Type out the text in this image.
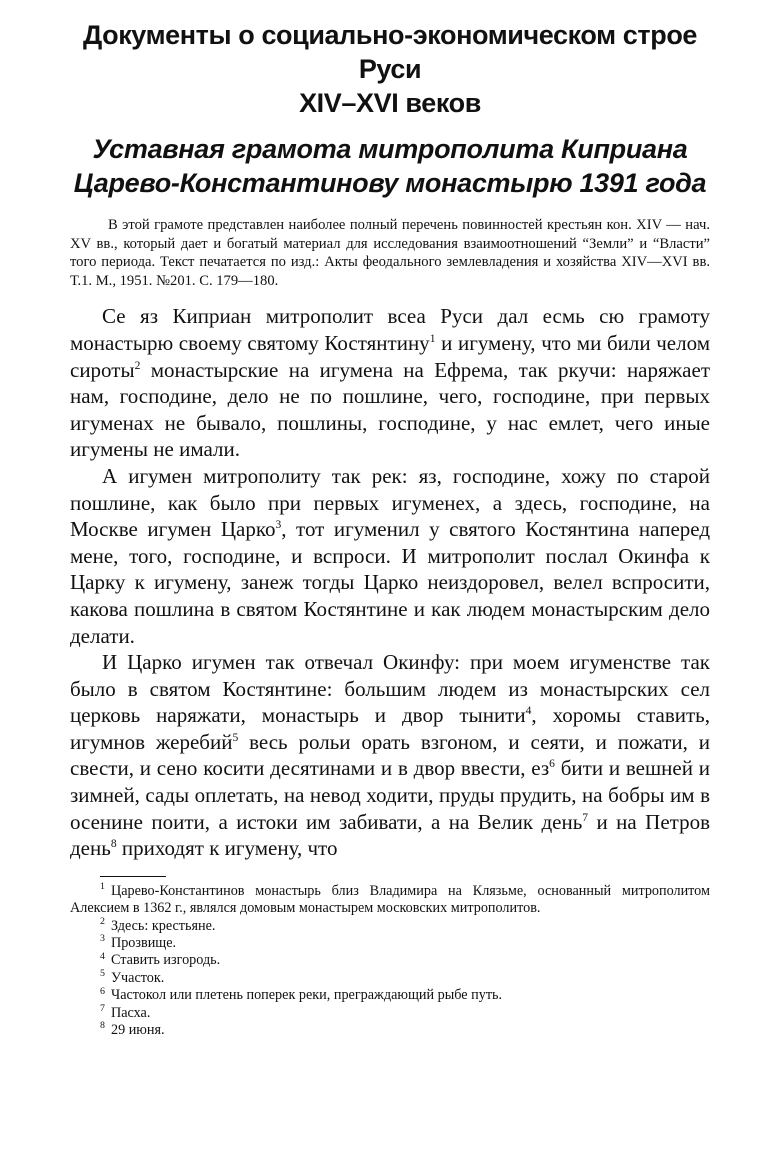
Документы о социально-экономическом строе Руси
XIV–XVI веков
Уставная грамота митрополита Киприана
Царево-Константинову монастырю 1391 года

В этой грамоте представлен наиболее полный перечень повинностей крестьян кон. XIV — нач. XV вв., который дает и богатый материал для исследования взаимоотношений “Земли” и “Власти” того периода. Текст печатается по изд.: Акты феодального землевладения и хозяйства XIV—XVI вв. Т.1. М., 1951. №201. С. 179—180.

Се яз Киприан митрополит всеа Руси дал есмь сю грамоту монастырю своему святому Костянтину$^1$ и игумену, что ми били челом сироты$^2$ монастырские на игумена на Ефрема, так ркучи: наряжает нам, господине, дело не по пошлине, чего, господине, при первых игуменах не бывало, пошлины, господине, у нас емлет, чего иные игумены не имали.

А игумен митрополиту так рек: яз, господине, хожу по старой пошлине, как было при первых игуменех, а здесь, господине, на Москве игумен Царко$^3$, тот игуменил у святого Костянтина наперед мене, того, господине, и вспроси. И митрополит послал Окинфа к Царку к игумену, занеж тогды Царко неиздоровел, велел вспросити, какова пошлина в святом Костянтине и как людем монастырским дело делати.

И Царко игумен так отвечал Окинфу: при моем игуменстве так было в святом Костянтине: большим людем из монастырских сел церковь наряжати, монастырь и двор тынити$^4$, хоромы ставить, игумнов жеребий$^5$ весь рольи орать взгоном, и сеяти, и пожати, и свести, и сено косити десятинами и в двор ввести, $ез^6$ бити и вешней и зимней, сады оплетать, на невод ходити, пруды прудить, на бобры им в осенине поити, а истоки им забивати, а на Велик день$^7$ и на Петров день$^8$ приходят к игумену, что

$^1$ Царево-Константинов монастырь близ Владимира на Клязьме, основанный митрополитом Алексием в 1362 г., являлся домовым монастырем московских митрополитов.

$^2$ Здесь: крестьяне.

$^3$ Прозвище.

$^4$ Ставить изгородь.

$^5$ Участок.

$^6$ Частокол или плетень поперек реки, преграждающий рыбе путь.

$^7$ Пасха.

$^8$ 29 июня.
